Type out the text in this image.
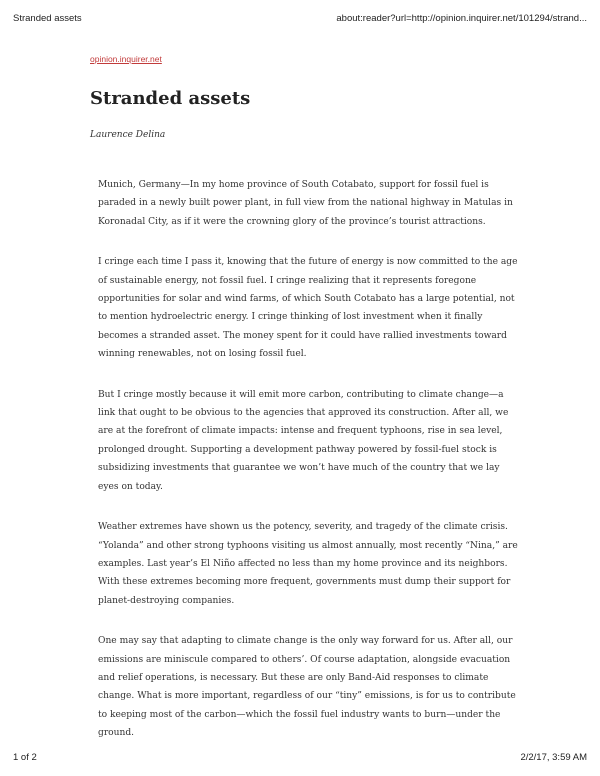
Stranded assets	about:reader?url=http://opinion.inquirer.net/101294/strand...
opinion.inquirer.net
Stranded assets
Laurence Delina

Munich, Germany—In my home province of South Cotabato, support for fossil fuel is paraded in a newly built power plant, in full view from the national highway in Matulas in Koronadal City, as if it were the crowning glory of the province’s tourist attractions.

I cringe each time I pass it, knowing that the future of energy is now committed to the age of sustainable energy, not fossil fuel. I cringe realizing that it represents foregone opportunities for solar and wind farms, of which South Cotabato has a large potential, not to mention hydroelectric energy. I cringe thinking of lost investment when it finally becomes a stranded asset. The money spent for it could have rallied investments toward winning renewables, not on losing fossil fuel.

But I cringe mostly because it will emit more carbon, contributing to climate change—a link that ought to be obvious to the agencies that approved its construction. After all, we are at the forefront of climate impacts: intense and frequent typhoons, rise in sea level, prolonged drought. Supporting a development pathway powered by fossil-fuel stock is subsidizing investments that guarantee we won’t have much of the country that we lay eyes on today.

Weather extremes have shown us the potency, severity, and tragedy of the climate crisis. “Yolanda” and other strong typhoons visiting us almost annually, most recently “Nina,” are examples. Last year’s El Niño affected no less than my home province and its neighbors. With these extremes becoming more frequent, governments must dump their support for planet-destroying companies.

One may say that adapting to climate change is the only way forward for us. After all, our emissions are miniscule compared to others’. Of course adaptation, alongside evacuation and relief operations, is necessary. But these are only Band-Aid responses to climate change. What is more important, regardless of our “tiny” emissions, is for us to contribute to keeping most of the carbon—which the fossil fuel industry wants to burn—under the ground.

1 of 2	2/2/17, 3:59 AM
